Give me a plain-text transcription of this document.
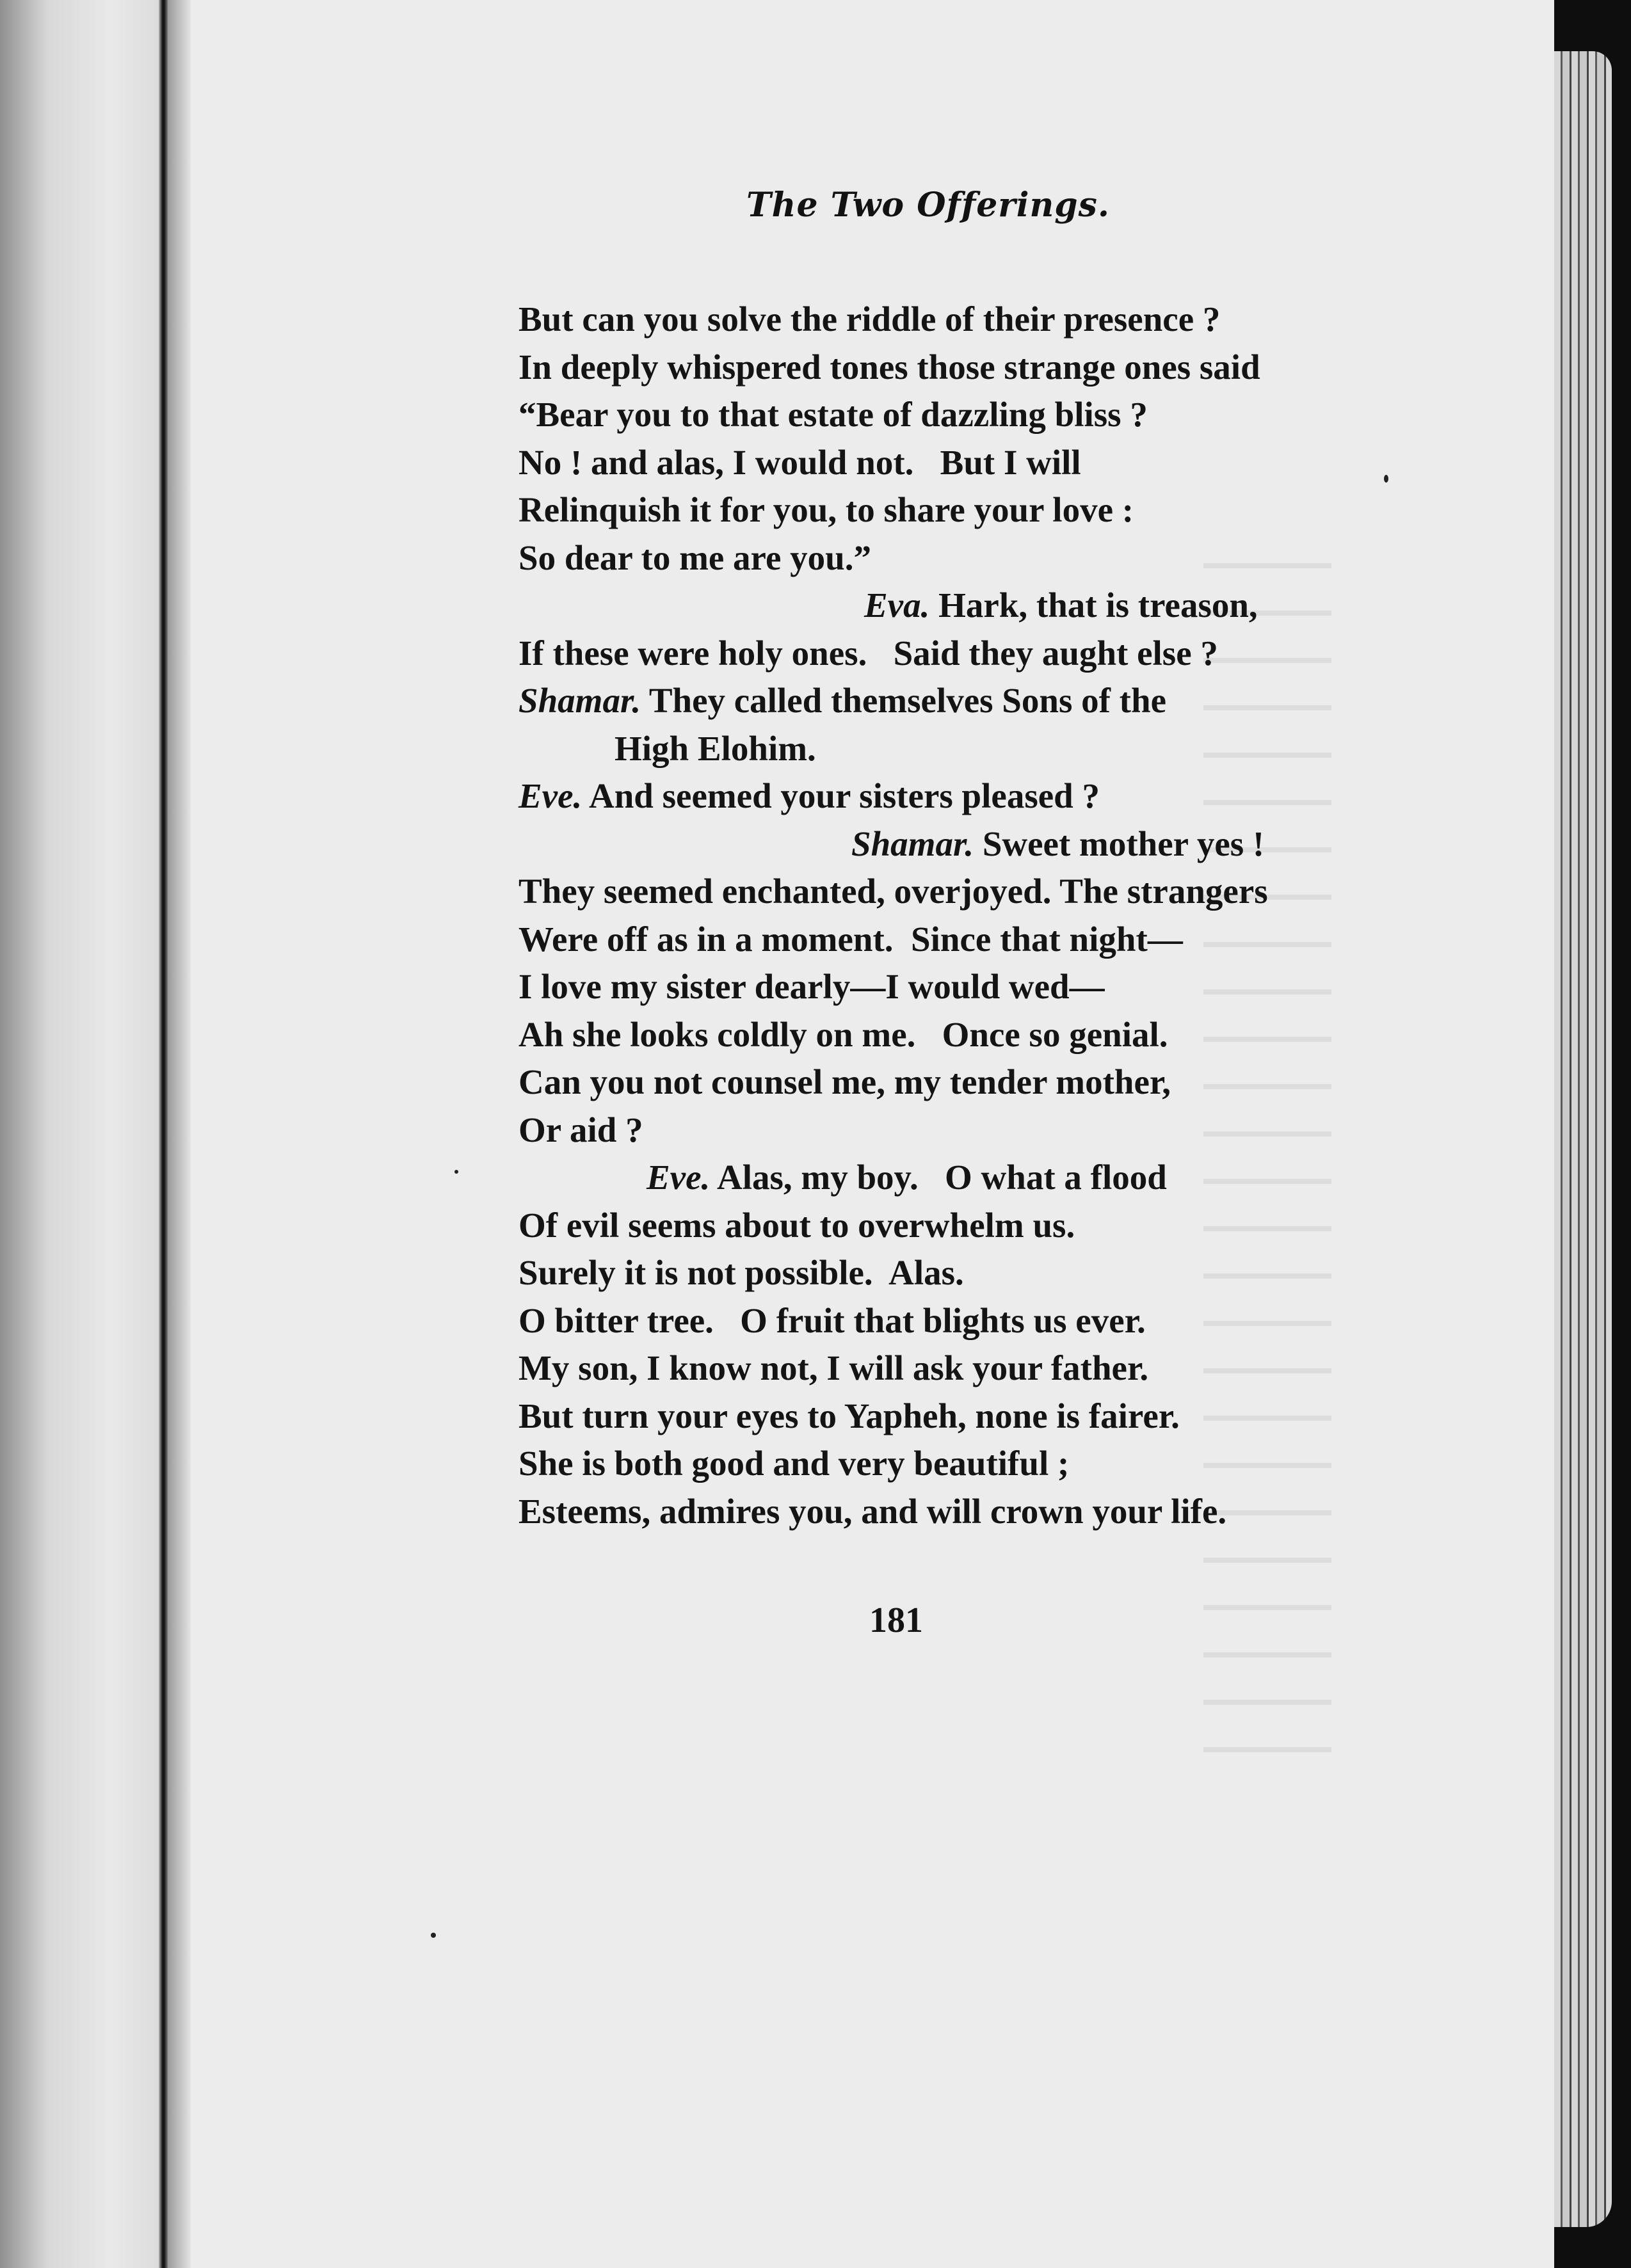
The Two Offerings.
But can you solve the riddle of their presence ?
In deeply whispered tones those strange ones said
“Bear you to that estate of dazzling bliss ?
No ! and alas, I would not.   But I will
Relinquish it for you, to share your love :
So dear to me are you.”
Eva. Hark, that is treason,
If these were holy ones.   Said they aught else ?
Shamar. They called themselves Sons of the
High Elohim.
Eve. And seemed your sisters pleased ?
Shamar. Sweet mother yes !
They seemed enchanted, overjoyed. The strangers
Were off as in a moment.  Since that night—
I love my sister dearly—I would wed—
Ah she looks coldly on me.   Once so genial.
Can you not counsel me, my tender mother,
Or aid ?
Eve. Alas, my boy.   O what a flood
Of evil seems about to overwhelm us.
Surely it is not possible.  Alas.
O bitter tree.   O fruit that blights us ever.
My son, I know not, I will ask your father.
But turn your eyes to Yapheh, none is fairer.
She is both good and very beautiful ;
Esteems, admires you, and will crown your life.
181
